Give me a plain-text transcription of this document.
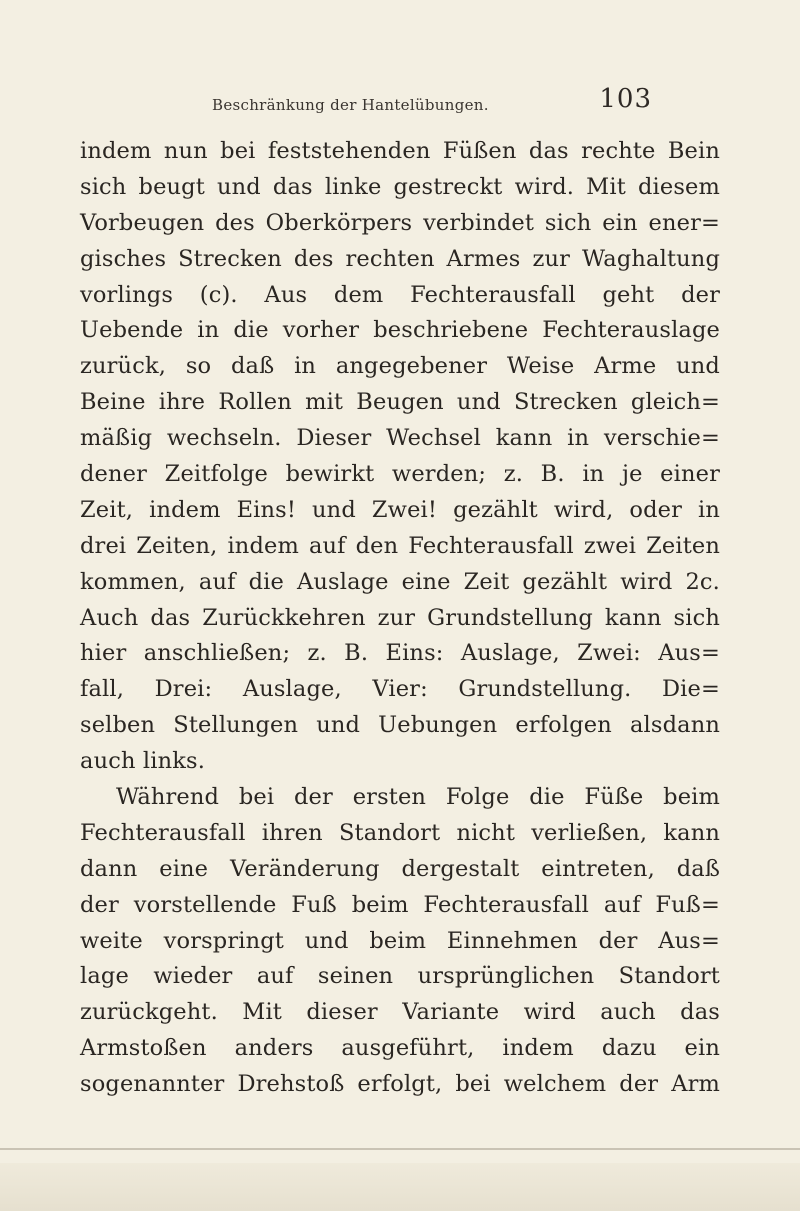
Beschränkung der Hantelübungen.	103
indem nun bei feststehenden Füßen das rechte Bein
sich beugt und das linke gestreckt wird. Mit diesem
Vorbeugen des Oberkörpers verbindet sich ein ener=
gisches Strecken des rechten Armes zur Waghaltung
vorlings (c). Aus dem Fechterausfall geht der
Uebende in die vorher beschriebene Fechterauslage
zurück, so daß in angegebener Weise Arme und
Beine ihre Rollen mit Beugen und Strecken gleich=
mäßig wechseln. Dieser Wechsel kann in verschie=
dener Zeitfolge bewirkt werden; z. B. in je einer
Zeit, indem Eins! und Zwei! gezählt wird, oder in
drei Zeiten, indem auf den Fechterausfall zwei Zeiten
kommen, auf die Auslage eine Zeit gezählt wird 2c.
Auch das Zurückkehren zur Grundstellung kann sich
hier anschließen; z. B. Eins: Auslage, Zwei: Aus=
fall, Drei: Auslage, Vier: Grundstellung. Die=
selben Stellungen und Uebungen erfolgen alsdann
auch links.
Während bei der ersten Folge die Füße beim
Fechterausfall ihren Standort nicht verließen, kann
dann eine Veränderung dergestalt eintreten, daß
der vorstellende Fuß beim Fechterausfall auf Fuß=
weite vorspringt und beim Einnehmen der Aus=
lage wieder auf seinen ursprünglichen Standort
zurückgeht. Mit dieser Variante wird auch das
Armstoßen anders ausgeführt, indem dazu ein
sogenannter Drehstoß erfolgt, bei welchem der Arm
